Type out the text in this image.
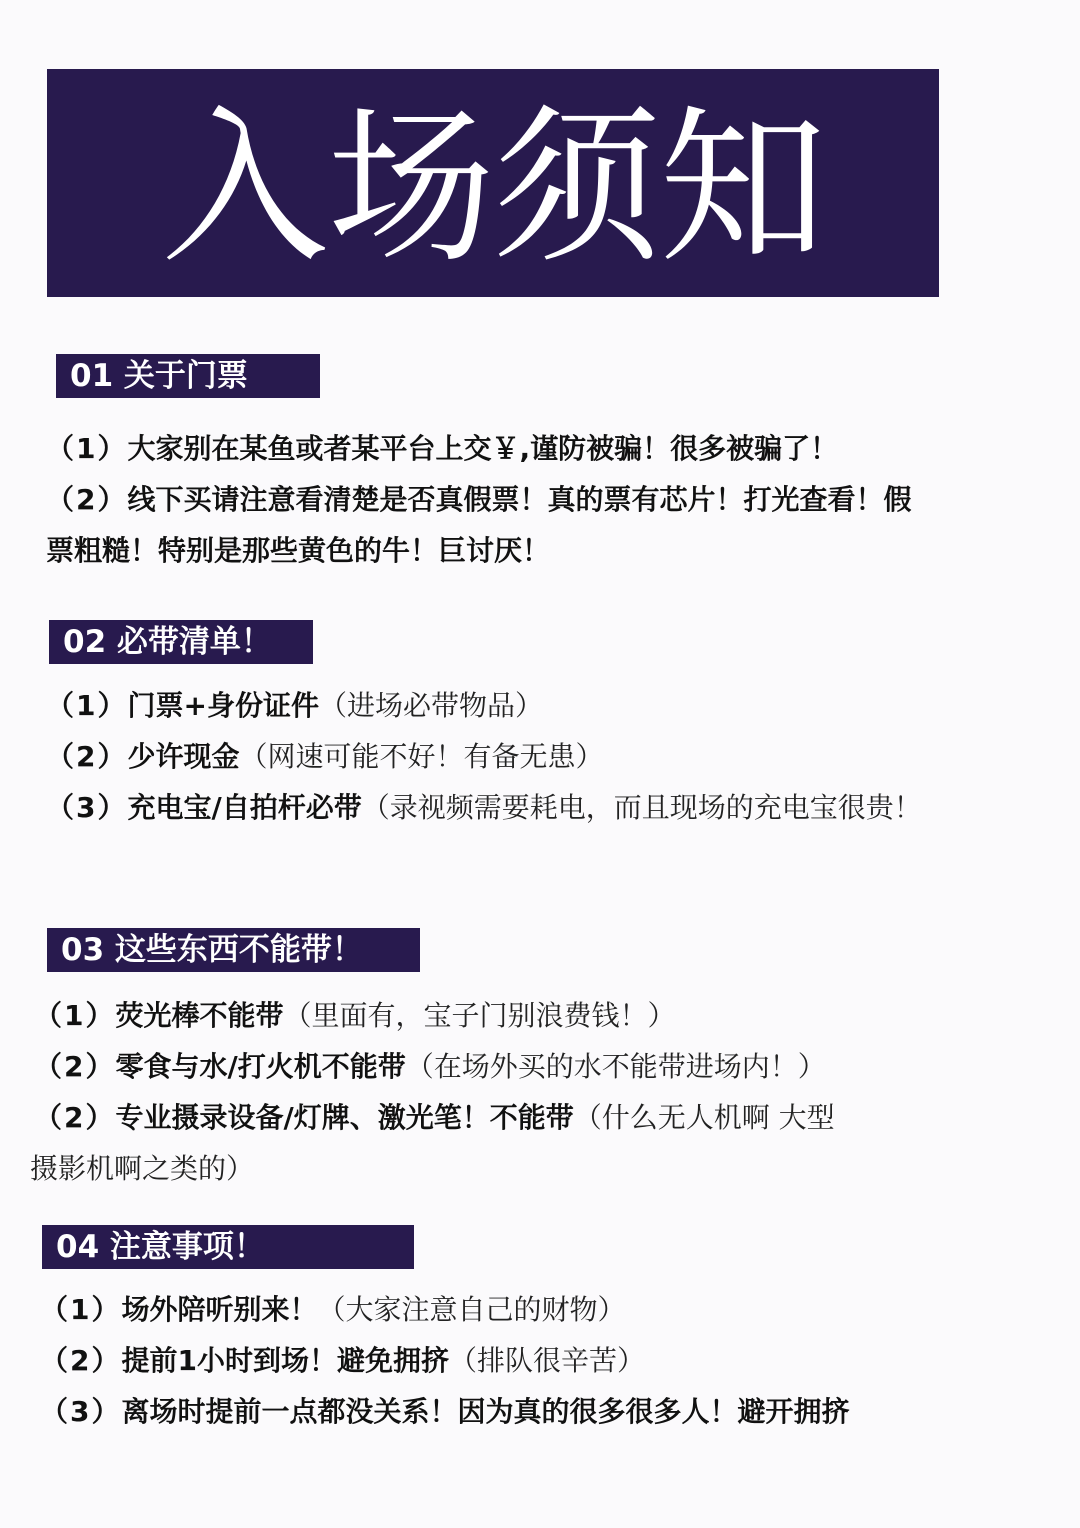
入场须知
01 关于门票
（1）大家别在某鱼或者某平台上交￥,谨防被骗！很多被骗了！
（2）线下买请注意看清楚是否真假票！真的票有芯片！打光查看！假
票粗糙！特别是那些黄色的牛！巨讨厌！
02 必带清单！
（1）门票+身份证件（进场必带物品）
（2）少许现金（网速可能不好！有备无患）
（3）充电宝/自拍杆必带（录视频需要耗电，而且现场的充电宝很贵！
03 这些东西不能带！
（1）荧光棒不能带（里面有，宝子门别浪费钱！）
（2）零食与水/打火机不能带（在场外买的水不能带进场内！）
（2）专业摄录设备/灯牌、激光笔！不能带（什么无人机啊 大型
摄影机啊之类的）
04 注意事项！
（1）场外陪听别来！（大家注意自己的财物）
（2）提前1小时到场！避免拥挤（排队很辛苦）
（3）离场时提前一点都没关系！因为真的很多很多人！避开拥挤
